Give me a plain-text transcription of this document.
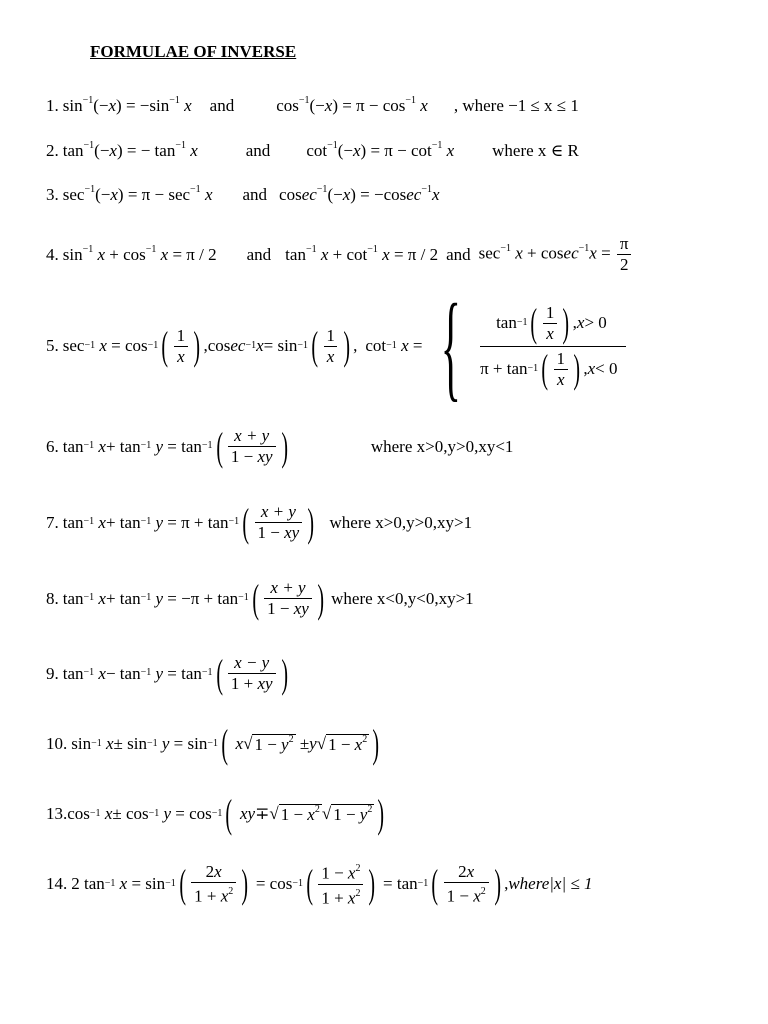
FORMULAE OF INVERSE
1. $\sin^{-1}(-x) = -\sin^{-1}$ x and $\cos^{-1}(-x) = \pi - \cos^{-1} x$ , where −1 ≤ x ≤ 1
2. $\tan^{-1}(-x)$ = − $\tan^{-1} x$	and $\cot^{-1}(-x) = \pi - \cot^{-1} x$ where x ∈ R
3. $\sec^{-1}(-x) = \pi - \sec^{-1} x$ and cosec$^{-1}$(−x) = −cosec$^{-1}$x
4. $\sin^{-1} x + \cos^{-1} x = \pi / 2$ and $\tan^{-1} x + \cot^{-1} x = \pi / 2$ and $\sec^{-1} x + cosec^{-1}x = \frac{\pi}{2}$
5. $\sec^{-1} x = \cos^{-1}$ ( $\frac{1}{x}$ ) ,cos $ec^{-1}$ $x = \sin^{-1}$ ( $\frac{1}{x}$ ) ,
$\cot^{-1} x$ = { $\tan^{-1}$ ( $\frac{1}{x}$ ) , x > 0
$\pi + \tan^{-1}$ ( $\frac{1}{x}$ ) , x < 0
6. $\tan^{-1} x + \tan^{-1} y = \tan^{-1}$ ( $\frac{x + y}{1 - xy}$ )	where x>0,y>0,xy<1
7. $\tan^{-1} x + \tan^{-1} y = \pi + \tan^{-1}$ ( $\frac{x + y}{1 - xy}$ ) where x>0,y>0,xy>1
8. $\tan^{-1} x + \tan^{-1} y = -\pi + \tan^{-1}$ ( $\frac{x + y}{1 - xy}$ ) where x<0,y<0,xy>1
9. $\tan^{-1} x - \tan^{-1} y = \tan^{-1}$ ( $\frac{x - y}{1 + xy}$ )
10. $\sin^{-1} x \pm \sin^{-1} y = \sin^{-1}$ (
x √ $1 - y^2 \pm y$ √ $1 - x^2$ )
13. $\cos^{-1} x \pm \cos^{-1} y = \cos^{-1}$ (
xy ∓ √ $1 - x^2$ √ $1 - y^2$ )
14. 2 $\tan^{-1} x = \sin^{-1}$ ( $\frac{2x}{1 + x^2}$ ) = $\cos^{-1}$ ( $\frac{1 - x^2}{1 + x^2}$ ) = $\tan^{-1}$ ( $\frac{2x}{1 - x^2}$ ) , where|x| ≤ 1
